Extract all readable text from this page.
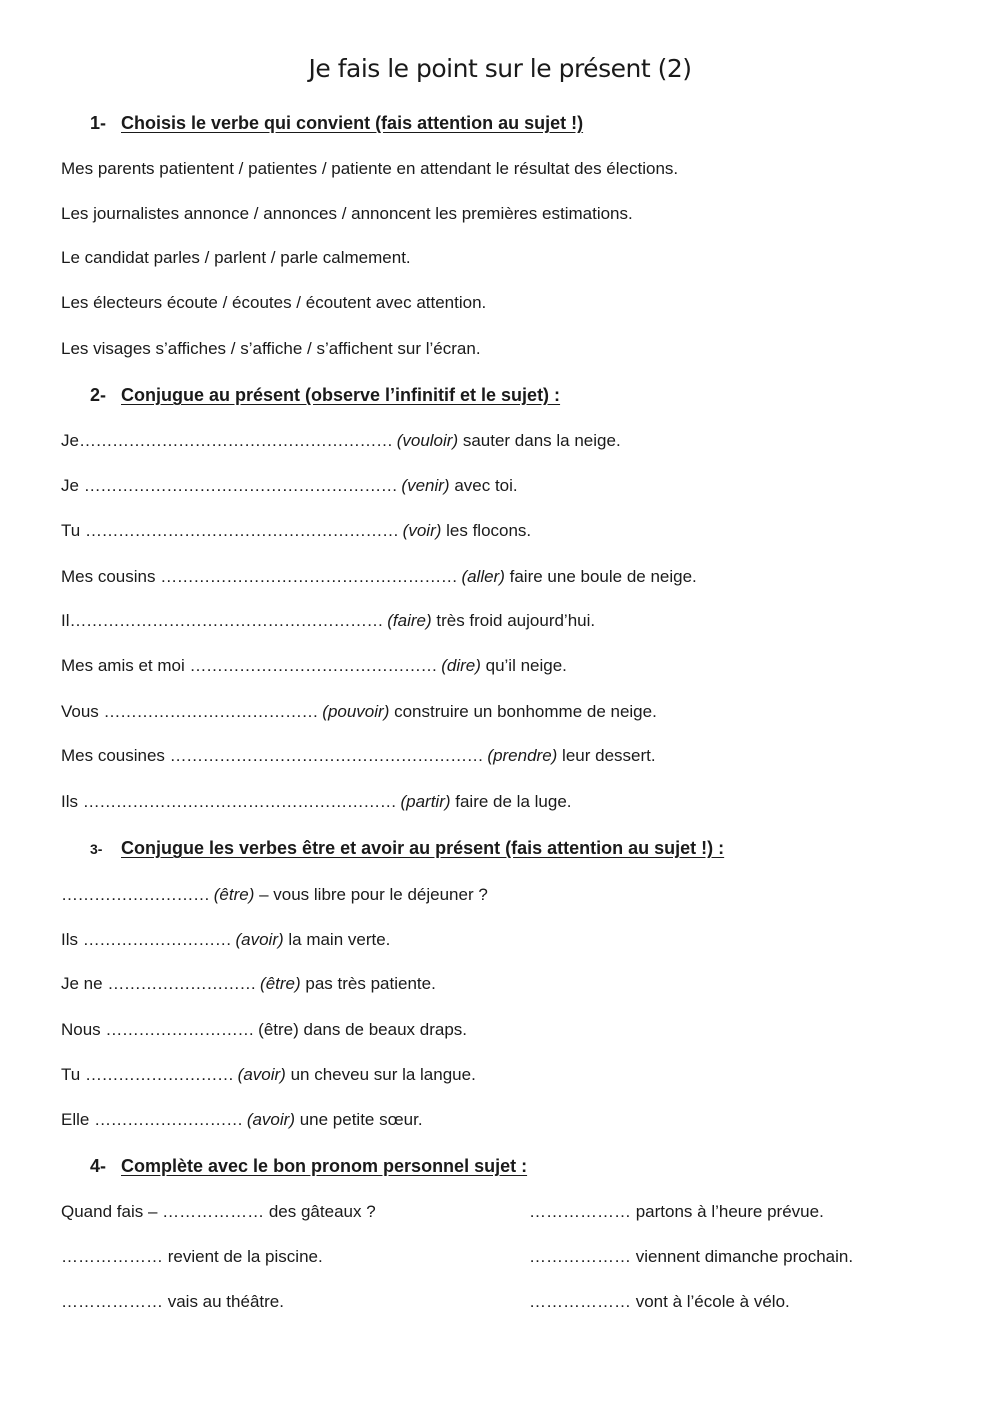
Je fais le point sur le présent (2)
1- Choisis le verbe qui convient (fais attention au sujet !)
Mes parents patientent / patientes / patiente en attendant le résultat des élections.
Les journalistes annonce / annonces / annoncent les premières estimations.
Le candidat parles / parlent / parle calmement.
Les électeurs écoute / écoutes / écoutent avec attention.
Les visages s’affiches / s’affiche / s’affichent sur l’écran.
2- Conjugue au présent (observe l’infinitif et le sujet) :
Je………………………………………………… (vouloir) sauter dans la neige.
Je ………………………………………………… (venir) avec toi.
Tu ………………………………………………… (voir) les flocons.
Mes cousins ……………………………………………… (aller) faire une boule de neige.
Il………………………………………………… (faire) très froid aujourd’hui.
Mes amis et moi ……………………………………… (dire) qu’il neige.
Vous ………………………………… (pouvoir) construire un bonhomme de neige.
Mes cousines ………………………………………………… (prendre) leur dessert.
Ils ………………………………………………… (partir) faire de la luge.
3- Conjugue les verbes être et avoir au présent (fais attention au sujet !) :
……………………… (être) – vous libre pour le déjeuner ?
Ils ……………………… (avoir) la main verte.
Je ne ……………………… (être) pas très patiente.
Nous ……………………… (être) dans de beaux draps.
Tu ……………………… (avoir) un cheveu sur la langue.
Elle ……………………… (avoir) une petite sœur.
4- Complète avec le bon pronom personnel sujet :
Quand fais – ……………… des gâteaux ?
……………… revient de la piscine.
……………… vais au théâtre.
……………… partons à l’heure prévue.
……………… viennent dimanche prochain.
……………… vont à l’école à vélo.
